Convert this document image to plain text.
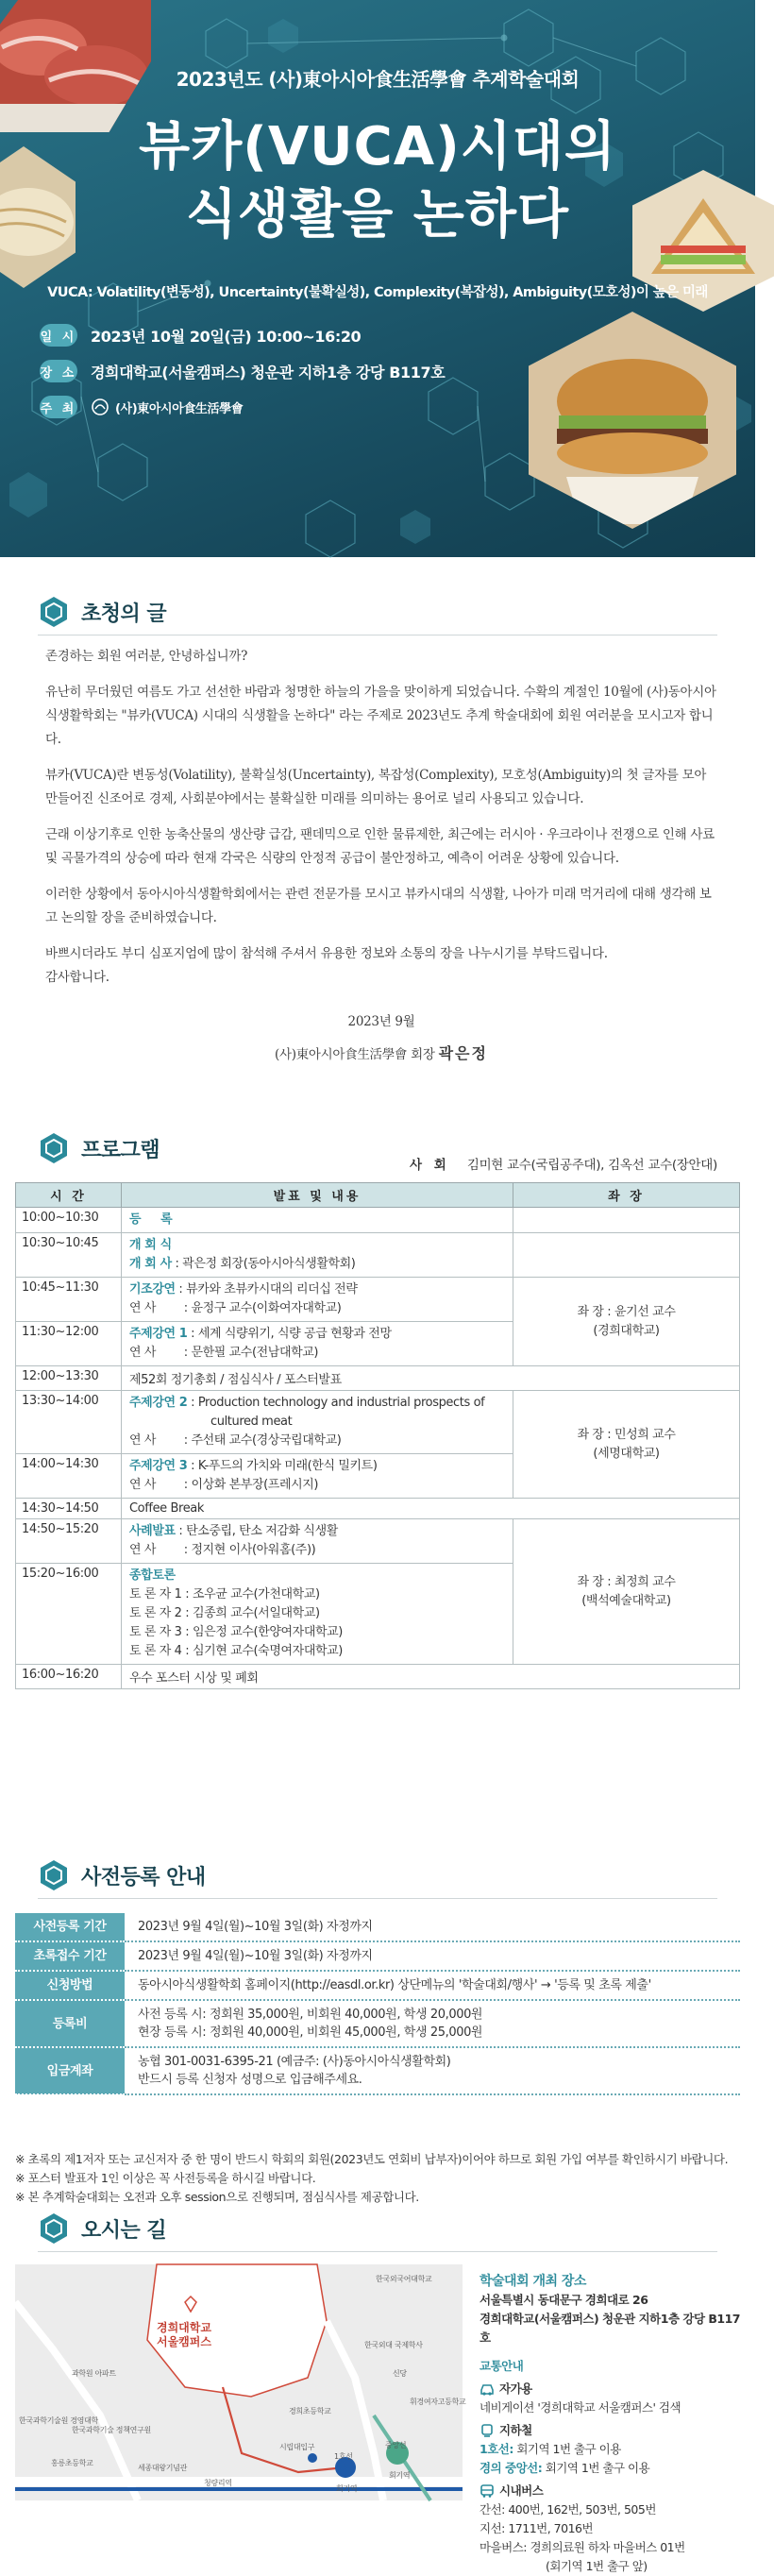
2023년도 (사)東아시아食生活學會 추계학술대회
뷰카(VUCA)시대의
식생활을 논하다
VUCA: Volatility(변동성), Uncertainty(불확실성), Complexity(복잡성), Ambiguity(모호성)이 높은 미래
일 시 2023년 10월 20일(금) 10:00~16:20
장 소 경희대학교(서울캠퍼스) 청운관 지하1층 강당 B117호
주 최	(사)東아시아食生活學會
초청의 글

존경하는 회원 여러분, 안녕하십니까?

유난히 무더웠던 여름도 가고 선선한 바람과 청명한 하늘의 가을을 맞이하게 되었습니다. 수확의 계절인 10월에 (사)동아시아식생활학회는 "뷰카(VUCA) 시대의 식생활을 논하다" 라는 주제로 2023년도 추계 학술대회에 회원 여러분을 모시고자 합니다.

뷰카(VUCA)란 변동성(Volatility), 불확실성(Uncertainty), 복잡성(Complexity), 모호성(Ambiguity)의 첫 글자를 모아 만들어진 신조어로 경제, 사회분야에서는 불확실한 미래를 의미하는 용어로 널리 사용되고 있습니다.

근래 이상기후로 인한 농축산물의 생산량 급감, 팬데믹으로 인한 물류제한, 최근에는 러시아 · 우크라이나 전쟁으로 인해 사료 및 곡물가격의 상승에 따라 현재 각국은 식량의 안정적 공급이 불안정하고, 예측이 어려운 상황에 있습니다.

이러한 상황에서 동아시아식생활학회에서는 관련 전문가를 모시고 뷰카시대의 식생활, 나아가 미래 먹거리에 대해 생각해 보고 논의할 장을 준비하였습니다.

바쁘시더라도 부디 심포지엄에 많이 참석해 주셔서 유용한 정보와 소통의 장을 나누시기를 부탁드립니다.

감사합니다.

2023년 9월
(사)東아시아食生活學會 회장 곽은정
프로그램
사 회 김미현 교수(국립공주대), 김옥선 교수(장안대)
시 간	발표 및 내용	좌 장
10:00~10:30	등 록	

10:30~10:45	개 회 식
개 회 사 : 곽은정 회장(동아시아식생활학회)	

10:45~11:30	기조강연 : 뷰카와 초뷰카시대의 리더십 전략
연 사 : 윤정구 교수(이화여자대학교)	좌 장 : 윤기선 교수
(경희대학교)

11:30~12:00	주제강연 1 : 세계 식량위기, 식량 공급 현황과 전망
연 사 : 문한필 교수(전남대학교)	

12:00~13:30	제52회 정기총회 / 점심식사 / 포스터발표	
13:30~14:00	주제강연 2 : Production technology and industrial prospects of
cultured meat
연 사 : 주선태 교수(경상국립대학교)	좌 장 : 민성희 교수
(세명대학교)

14:00~14:30	주제강연 3 : K-푸드의 가치와 미래(한식 밀키트)
연 사 : 이상화 본부장(프레시지)	

14:30~14:50	Coffee Break	
14:50~15:20	사례발표 : 탄소중립, 탄소 저감화 식생활
연 사 : 정지현 이사(아워홈(주))	좌 장 : 최정희 교수
(백석예술대학교)

15:20~16:00	종합토론
토 론 자 1 : 조우균 교수(가천대학교)
토 론 자 2 : 김종희 교수(서일대학교)
토 론 자 3 : 임은정 교수(한양여자대학교)
토 론 자 4 : 심기현 교수(숙명여자대학교)	

16:00~16:20	우수 포스터 시상 및 폐회	
사전등록 안내
사전등록 기간	2023년 9월 4일(월)~10월 3일(화) 자정까지
초록접수 기간	2023년 9월 4일(월)~10월 3일(화) 자정까지
신청방법	동아시아식생활학회 홈페이지(http://easdl.or.kr) 상단메뉴의 '학술대회/행사' → '등록 및 초록 제출'
등록비	사전 등록 시: 정회원 35,000원, 비회원 40,000원, 학생 20,000원
현장 등록 시: 정회원 40,000원, 비회원 45,000원, 학생 25,000원

입금계좌	농협 301-0031-6395-21 (예금주: (사)동아시아식생활학회)
반드시 등록 신청자 성명으로 입금해주세요.
※ 초록의 제1저자 또는 교신저자 중 한 명이 반드시 학회의 회원(2023년도 연회비 납부자)이어야 하므로 회원 가입 여부를 확인하시기 바랍니다.
※ 포스터 발표자 1인 이상은 꼭 사전등록을 하시길 바랍니다.
※ 본 추계학술대회는 오전과 오후 session으로 진행되며, 점심식사를 제공합니다.
오시는 길
경희대학교
서울캠퍼스
한국외국어대학교
신당
회기역
1호선
중앙선
회기역
휘경여자고등학교
경희초등학교
한국과학기술원 경영대학
과학원 아파트
한국과학기술 정책연구원
홍릉초등학교
세종대왕기념관
청량리역
시립대입구
한국외대 국제학사
학술대회 개최 장소
서울특별시 동대문구 경희대로 26
경희대학교(서울캠퍼스) 청운관 지하1층 강당 B117호
교통안내
자가용
네비게이션 '경희대학교 서울캠퍼스' 검색
지하철
1호선: 회기역 1번 출구 이용
경의 중앙선: 회기역 1번 출구 이용
시내버스
간선: 400번, 162번, 503번, 505번
지선: 1711번, 7016번
마을버스: 경희의료원 하차 마을버스 01번
(회기역 1번 출구 앞)
